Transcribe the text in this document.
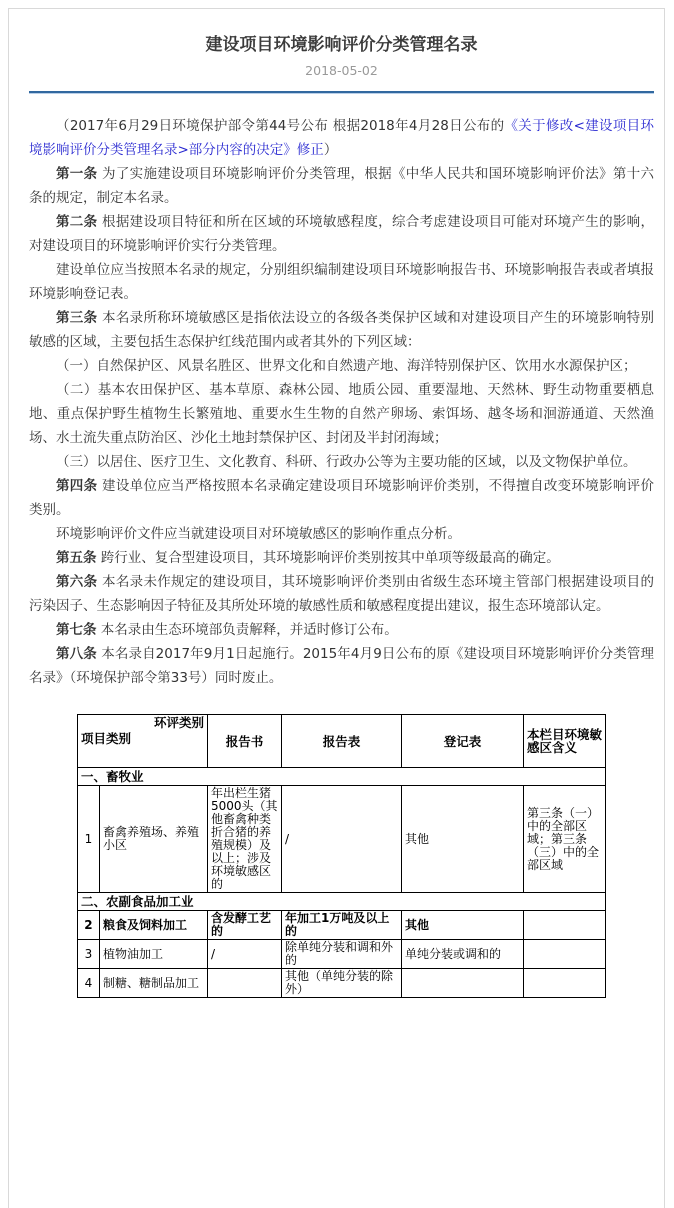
建设项目环境影响评价分类管理名录
2018-05-02

（2017年6月29日环境保护部令第44号公布 根据2018年4月28日公布的《关于修改<建设项目环境影响评价分类管理名录>部分内容的决定》修正）

第一条 为了实施建设项目环境影响评价分类管理，根据《中华人民共和国环境影响评价法》第十六条的规定，制定本名录。

第二条 根据建设项目特征和所在区域的环境敏感程度，综合考虑建设项目可能对环境产生的影响，对建设项目的环境影响评价实行分类管理。

建设单位应当按照本名录的规定，分别组织编制建设项目环境影响报告书、环境影响报告表或者填报环境影响登记表。

第三条 本名录所称环境敏感区是指依法设立的各级各类保护区域和对建设项目产生的环境影响特别敏感的区域，主要包括生态保护红线范围内或者其外的下列区域：

（一）自然保护区、风景名胜区、世界文化和自然遗产地、海洋特别保护区、饮用水水源保护区；

（二）基本农田保护区、基本草原、森林公园、地质公园、重要湿地、天然林、野生动物重要栖息地、重点保护野生植物生长繁殖地、重要水生生物的自然产卵场、索饵场、越冬场和洄游通道、天然渔场、水土流失重点防治区、沙化土地封禁保护区、封闭及半封闭海域；

（三）以居住、医疗卫生、文化教育、科研、行政办公等为主要功能的区域，以及文物保护单位。

第四条 建设单位应当严格按照本名录确定建设项目环境影响评价类别，不得擅自改变环境影响评价类别。

环境影响评价文件应当就建设项目对环境敏感区的影响作重点分析。

第五条 跨行业、复合型建设项目，其环境影响评价类别按其中单项等级最高的确定。

第六条 本名录未作规定的建设项目，其环境影响评价类别由省级生态环境主管部门根据建设项目的污染因子、生态影响因子特征及其所处环境的敏感性质和敏感程度提出建议，报生态环境部认定。

第七条 本名录由生态环境部负责解释，并适时修订公布。

第八条 本名录自2017年9月1日起施行。2015年4月9日公布的原《建设项目环境影响评价分类管理名录》（环境保护部令第33号）同时废止。

环评类别
项目类别		报告书	报告表	登记表	本栏目环境敏感区含义
一、畜牧业					
1	畜禽养殖场、养殖小区	年出栏生猪5000头（其他畜禽种类折合猪的养殖规模）及以上；涉及环境敏感区的	/	其他	第三条（一）中的全部区域；第三条（三）中的全部区域
二、农副食品加工业					
2	粮食及饲料加工	含发酵工艺的	年加工1万吨及以上的	其他	
3	植物油加工	/	除单纯分装和调和外的	单纯分装或调和的	
4	制糖、糖制品加工		其他（单纯分装的除外）		
